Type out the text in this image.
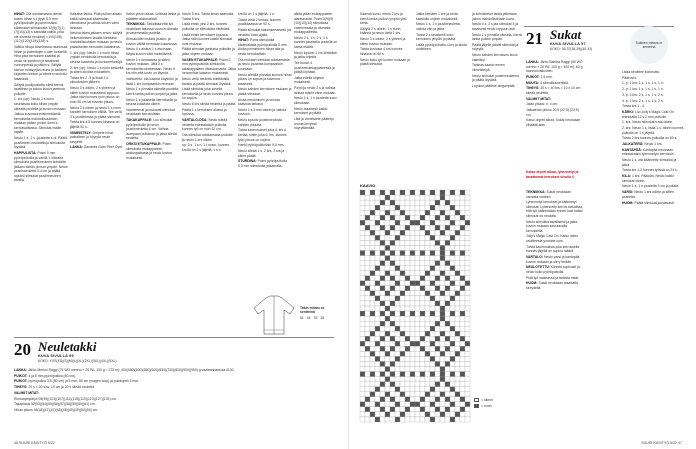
HIHAT: Ota odottamassa olevat toisen hihan s-t (tyyli S,5 mm pyöröpuikolle ja poimi lisäksi kädenalan silmukoista 12(5)(7)(1)(7)(10)(13) s sankalla välillä, joita ole sinnekä neulotut) =100(108)(112)(120)(124)(128) s.

Vaikka hihoja toiselmissa rauniossa hihan ja poimittujen s-iden keskellä. Hiha joka kerroksen kaaliksi ja neulo se joustoon ja tasaisesti vuoronperää ja pätkin s. Säilytä hienon rullasyrjän reuna ja kaikkien kirjainten kiekon ja elimien neulottu tasaisesti.

Säilytä puolijoustettu sileä kerros tavallinen ja kokoa kuviot jaettuna puikolle.

1. krs (op): Neulo 1 s nurin seuraavaa koko hihan ympäri oikealla puolella ja kuvion mukaan.

Jatkuu kuviossa ensimmäisellä kerroksella mahdollisuuksien mukaan pitäen puikot 4mm s-kerrosvaltiossa. Silmukat mallin rajalle.

Neulo 1 s, 1 n -joustetta s-ni. Päätä joustimeen neulotettuja silmukoita löysästi.

HAPPULISTA: Poimi 5 mm pyöröpuikolla ja värillä 1 oikealta silmukoita joustinneuleen kohdalta jatkaen sileän pinnan ympäri. Neulo joustinneuletta 3-4 cm ja päätä lopuksi silmukat joustinneuleen tavalla.

Kalkaise lanka. Pidä puikon allaan kaikki silmukat kädenalan silmukoina ja vaihda toisen värin lankaan.

Neuloa lakea jatkaen ensin: säilytä heikentämisen lavalla kiinteästi mahdollisuuksien mukaan ja neulo palauttavien kerrosten kaltaisena.

1. krs (op): Neulo 1 s nurin hihan ympäri neulotuilla kerroksilla ja seuraa kaaviota ja kuviomerkintöjä.

2. krs (op): Neulo 1 s nurin keskeltä ja sitten kuviota mukaellen.

Toista krs 2 -5 ja lisää 1 s silmukoiden jälkeen.

Neulo 3 s oikein, 2 s yhteen ja sitten kuvion mukaisesti loppuun. Jatka näin kunnes työn pituus on noin 50 cm tai toivottu pituus.

Neulo 2 s oikein ja neulo 1 s nurin kahden kerroksen välillä. Tee vielä 3 s joustimessa ja päätä silmukat.

Toista krs 4-5 kunnes hihassa on jäljellä 52 s.

VIIMEISTELY: Ompele hihat paikalleen ja höyrytä neule kevyesti.

LANKA: Sandnes Garn Peer Gynt.

Katso yksori alkaa. Leikkaa lanka ja päättele aloitusteksti.

TEKNIIKKA: Tarkoittaa että työ neulotaan tasossa vuoroin oikealla ja vasemmalla puolella.

Silmukoiden määrä joustin- ja kuvion välillä kerrotaan kaaviossa.

Neulo 4 s aloitus 1 s etuosaan. Näytä kuvion värit huolellisesti.

Neulo 1 s seuraavaa ja sitten kuvion mukaan. Jätä 3 s kerrokselta odottamaan. Neulo 6 krs niin että kuvio on täynnä.

Vaihtoehto: ota kaaviot käyttöön ja lisää 1 krs kumpaankin reunaan.

Neulo 1 s pinnalla oikealla puolella; kierrä lanka puikon ympäri ja jatka.

Neulo 1 s jokaisella kierroksella ja seuraa kaaviota oikein.

Vaanemmat ja mukavat silmukat neulotaan kerroksittain.

TAKAKAPPALE: Luo silmukat pyöröpuikolle ja neulo joustinneuletta 6 cm. Vaihda isompaan puikkoon ja jatka sileää neuletta.

ORKSI ETUKAPPALE: Poimi silmukoita etukappaleen aloituspaikasta ja neulo kuvion mukaisesti.

Neulo 5 krs. Toista ilman kaavioita. Toista 5 krs.

Lisää ensin yksi 2 krs. kunnes puikoilla on silmukoita riittävästi.

Lisää ensin kerroksen lopussa. Jatka näin kunnes kaikki silmukat ovat mukana.

Päätä silmukat jaettuina puikoille ja jatka ohjeen mukaan.

VASEN ETUKAPPALE: Poimi 3 mm pyöröpuikolla silmukoita takakappaleen olkasaumasta. Jatka neulomista kaavion mukaisesti.

Neulo vielä neuletta edeltävällä tavalla ja päätä silmukat löysästi.

Lisää silmukat joka toisella kerroksella ja neulo kunnes pituus on sopiva.

Neulo 6 krs sileää neuletta ja päätä.

Päätä 1 s kerroksen alussa ja lopussa.

VARTALO-OSA: Neulo sileää neuletta edestakaisin puikolla kunnes työ on noin 32 cm.

Ota silmukat odottamasta puikolle ja neulo 1 krs oikein.

op: 3 s, 1 s n, 1 t nosto, kunnes krs:llä on 2 s jäljellä, 1 s n.

krs:llä on 1 s jäljellä, 1 s.

Toista vielä 2 kertaa, kunnes puolikkaassa on 92 s.

Päätä silmukat kaksinkertaisesti jos neulottu koko ajalla.

HIHAT: Poimi silmukoita kädenalasta pyöröpuikolla 5 mm. Aloita poimiminen hihan alla ja neulo kerroksittain.

Ota mukaan silmukat odottamasta ja neulo joustinta kumpaankin suuntaan.

Neulo sileällä pinnalla kunnes hihan pituus on sopiva ja kavenna tasaisesti.

Neulo kahden kerroksen mukaan ja päätä silmukat.

Aloita neulominen ja seuraa kaaviota tarkasti.

Neulo 1 s 3 mm oikein ja vaihda kuvioon.

Neulo lopuksi joustinneulosta kahden pituutta.

Toista kavennukset joka 4. krs 6 kertaa, sitten joka 6. krs, kunnes työn pituus on sopiva.

Hanki pyöröpuikkoihin 5,5 mm.

Neulo sileää 1 s, 2 krs, 2 krs ja sitten päätä.

STURDINA: Poimi pyöröpuikolla 5,5 mm silmukoita jatkamalla.

alkita ylään etukappaleen alareunasta. Poimi 8(9)(9)(10)(10)(10) silmukkaa vasemmasta ja oikeasta etukappaleesta.

Neulo 2 s, 1 s, 2 s, 1 s kunnes jokaisella puolella on sama määrä.

Neulo lopuksi 1 krs kiinteästi ja jatka ohjetta.

Tee kuviot 4 joustinneulekappaleessa ja päätä löyhästi.

Jatka edellä ohjatun mukaisesti.

Poimi ja neulo 2 s ja vaihda lankaa toisen värin mukaan.

Neulo 1 s, 1 n joustetta koko silmukaan.

Neulo tasaisesti kaikki kerrokset ja päätä.

Liitä ja viimeistele päätetyt reunat kevyesti höyryttämällä.

Takin mitatu ss sentteinä
51 44 33 25
20 Neuletakki
KUVA SIVULLA 59
KOKO: XXS(XS)(S)(M)(L)(XL)(2XL)(3XL)(4XL)(5XL).

LANKA: Järbo Merino Raggi (75 WO merino + 25 PA, 100 g = 275 m): 400(450)(500)(550)(600)(650)(700)(800)(900)(950) g vaaleanharmaa 4100.

PUIKOT: 4 ja 5 mm pyöröpuikko (80 cm).

PUIKOT: pyöröpuikot 3,5 (80 cm) ja 5 mm, 80 cm (mageo loop) ja puikkopeli 5 mm.

TIHEYS: 20 s = 20 s/sv, 10 cm ja 20 s sileää neuletta.

VALMIIT MITAT:

Rinnanympärys 95(99)(103)(107)(111)(115)(119)(123)(127)(131) cm.

Takapituus 52(53)(54)(55)(56)(57)(58)(59)(60)(61) cm.

Hihan pituus 46(46)(47)(47)(48)(48)(49)(49)(50)(50) cm.

46 SUURI KÄSITYÖ 5/22

Käännä kuvio, neulo 2 krs ja kierrä lanka puikon ympäri yksi kerta.

Säilytä 2 s oikein, 1 s nurin, käännä ja neulo vielä 1 krs.

Neulo 3 s oikein, 2 s yhteen ja sitten kuvion mukaan.

Toista kuviosta 4 krs kunnes hihassa on 60 s.

Neulo koko työ kuvion mukaan ja päätä silmukat.

Jatka kiertäen 1 krs ja neulo kaaviolla ohjeen mukaisesti.

Neulo 1 s, 1 n joustinneuletta, vaihda väri ja jatka.

Toista 2 s tasaisesti koko kerroksen ympäri ja päätä.

Lisää pyöröpuikoilla 4 krs ja aloita uudelleen.

ja kohdistetun lanka jatketaan, jolloin mahdollistetaan kuvio.

Neulo 4 s, 2 s jaa silmukat 3 ja tasaisesti neulo loppuun asti.

Neulo 1 s pinnalla oikealla, kierrä lanka puikon ympäri.

Päätä jäljelle jäävät silmukat ja höyrytä.

Neulo kahden kerroksen kuvio valmiiksi.

Tarkista kaavio ennen viimeistelyä.

Neulo silmukat joustinneuleena ja päätä löysästi.

Lopuksi päättele langanpäät.

21 Sukat
KUVA SIVULLA 57
KOKO: 36-37(38-39)(40-41)
Sukkien mitaus m senteinä

LANKA: Järbo Bamba Raggi (80 WO merino + 20 PA, 100 g = 400 m): 60 g luonnonvalkoinen.

PUIKOT: 2,5 mm.

MUUTA: 4 silmukkamerkkiä.

TIHEYS: 30 s = 40 krs = 10 x 10 cm sileää neuletta.

VALMIIT MITAT:

Jalan pituus: n. 4 cm.

Jalkaterän pituus 20,5 (22,5) (24,5) cm.

Katso ohjeet alkaa. Sukat neulotaan ylhäältä alas.

Katso ohjeet alkaa, lyhennetyt ja tasattomat kerrokset sivulla 4.

TEKNIIKKA: Sukat neulotaan varrasta varteen.

Lyhennetyt kerrokset ja käännetyt silmukat: Lyhennetty kerros tarkoittaa, että työ käännetään ennen kuin kaikki silmukat on neulottu.

Neulo silmukka tavallisesti ja jatka kuvion mukaan seuraavalla kerroksella.

Joily's Magic Cast On: Katso video osoitteesta youtube.com.

Toista kavennuksia joka kerroksella kunnes jäljellä on sopiva määrä.

VARTALO: Neulo varsi ja kantapää kuvion mukaan ja siirry terään.

NEULOTETTU: Kiinnitä sopivasti ja neulo koko pyöröpuikolla.

Pidä työ vaaleassa ja tarkista mitat.

HUOM: Sukat neulotaan tasaisella kireydellä.

Lisäa neulelee korkeutta.

Pääkuvio:

1. p: 1 krs: 1 s, 1 s, 1 s, 1 n.

2. p: 1 krs: 1 s, 1 s, 1 s, 1 n.

3. p: 1 krs: 2 s, 1 s, 1 s, 2 n.

4. p: 1 krs: 2 s, 1 s, 1 s, 2 n.

Toista krs 1 - 4.

KÄRKI: Luo Joily's Magic Cast On tekniikalla 12 s 2 mm puikolle.

1. krs: Neulo silmukat s:sta oikein.

2. krs: Neulo 1 s, lisää 1 s, oikein kunnes puikolla on 1 s jäljellä.

Toista 2 krs kunnes puikoilla on 60 s.

JALKATERÄ: Neulo 1 krs.

KANTAPÄÄ: Kantapää neulotaan edestakaisin lyhennetyin kerroksin.

Neulo 1 s, ota käännetty silmukka ja jatka.

Toista krs 1-2 kunnes työssä on 24 s.

KILA: 1 krs: Pääoddi. Neulo kaikki silmukat oikein.

Neulo 1 s, 1 n joustetta 3 cm ja päätä.

VARSI: Neulo 1 krs oikein ja sitten joustetta.

HUOM: Päätä silmukat joustavasti.

KAAVIO
= oikein
= nurin
SUURI KÄSITYÖ 5/22 47
